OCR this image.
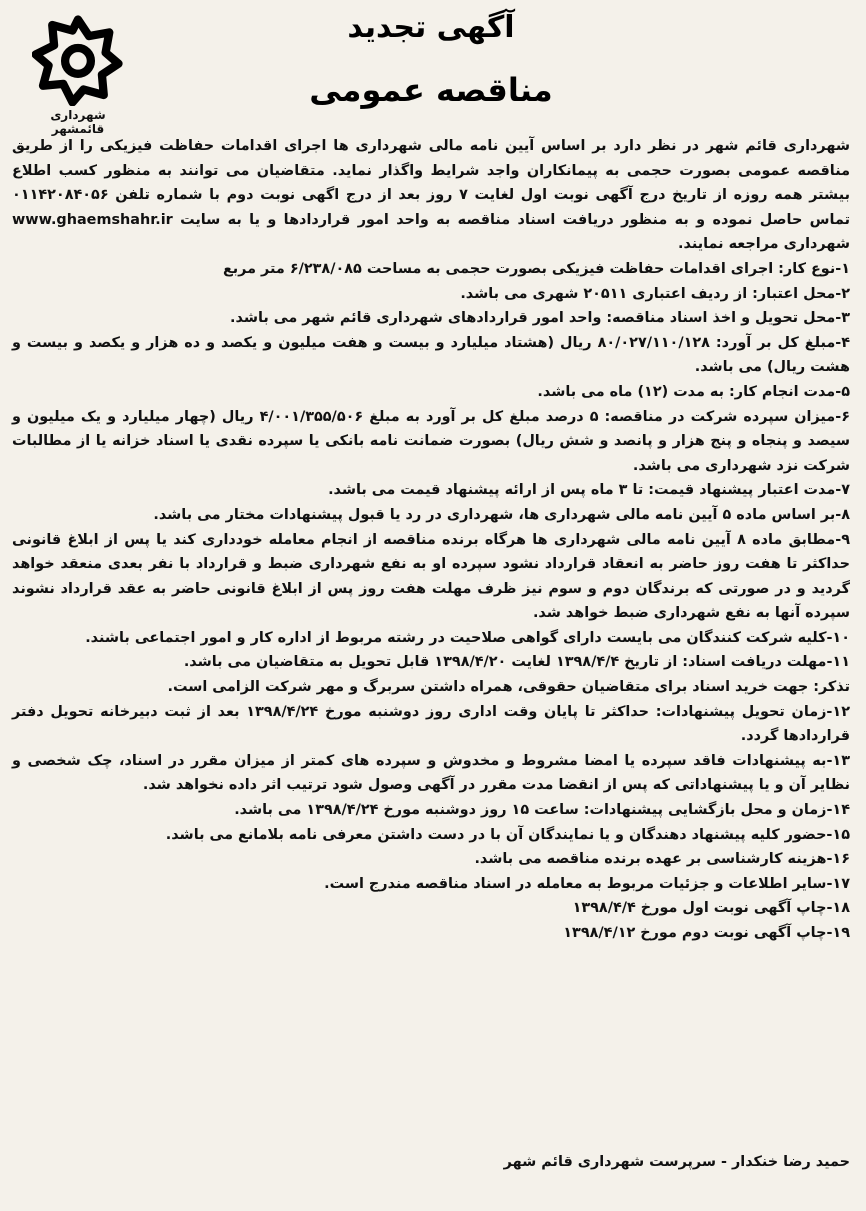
آگهی تجدید
مناقصه عمومی
شهرداری قائمشهر

شهرداری قائم شهر در نظر دارد بر اساس آیین نامه مالی شهرداری ها اجرای اقدامات حفاظت فیزیکی را از طریق مناقصه عمومی بصورت حجمی به پیمانکاران واجد شرایط واگذار نماید. متقاضیان می توانند به منظور کسب اطلاع بیشتر همه روزه از تاریخ درج آگهی نوبت اول لغایت ۷ روز بعد از درج اگهی نوبت دوم با شماره تلفن ۰۱۱۴۲۰۸۴۰۵۶ تماس حاصل نموده و به منظور دریافت اسناد مناقصه به واحد امور قراردادها و یا به سایت www.ghaemshahr.ir شهرداری مراجعه نمایند.

۱-نوع کار: اجرای اقدامات حفاظت فیزیکی بصورت حجمی به مساحت ۶/۲۳۸/۰۸۵ متر مربع

۲-محل اعتبار: از ردیف اعتباری ۲۰۵۱۱ شهری می باشد.

۳-محل تحویل و اخذ اسناد مناقصه: واحد امور قراردادهای شهرداری قائم شهر می باشد.

۴-مبلغ کل بر آورد: ۸۰/۰۲۷/۱۱۰/۱۲۸ ریال (هشتاد میلیارد و بیست و هفت میلیون و یکصد و ده هزار و یکصد و بیست و هشت ریال) می باشد.

۵-مدت انجام کار: به مدت (۱۲) ماه می باشد.

۶-میزان سپرده شرکت در مناقصه: ۵ درصد مبلغ کل بر آورد به مبلغ ۴/۰۰۱/۳۵۵/۵۰۶ ریال (چهار میلیارد و یک میلیون و سیصد و پنجاه و پنج هزار و پانصد و شش ریال) بصورت ضمانت نامه بانکی یا سپرده نقدی یا اسناد خزانه یا از مطالبات شرکت نزد شهرداری می باشد.

۷-مدت اعتبار پیشنهاد قیمت: تا ۳ ماه پس از ارائه پیشنهاد قیمت می باشد.

۸-بر اساس ماده ۵ آیین نامه مالی شهرداری ها، شهرداری در رد یا قبول پیشنهادات مختار می باشد.

۹-مطابق ماده ۸ آیین نامه مالی شهرداری ها هرگاه برنده مناقصه از انجام معامله خودداری کند یا پس از ابلاغ قانونی حداکثر تا هفت روز حاضر به انعقاد قرارداد نشود سپرده او به نفع شهرداری ضبط و قرارداد با نفر بعدی منعقد خواهد گردید و در صورتی که برندگان دوم و سوم نیز ظرف مهلت هفت روز پس از ابلاغ قانونی حاضر به عقد قرارداد نشوند سپرده آنها به نفع شهرداری ضبط خواهد شد.

۱۰-کلیه شرکت کنندگان می بایست دارای گواهی صلاحیت در رشته مربوط از اداره کار و امور اجتماعی باشند.

۱۱-مهلت دریافت اسناد: از تاریخ ۱۳۹۸/۴/۴ لغایت ۱۳۹۸/۴/۲۰ قابل تحویل به متقاضیان می باشد.

تذکر: جهت خرید اسناد برای متقاضیان حقوقی، همراه داشتن سربرگ و مهر شرکت الزامی است.

۱۲-زمان تحویل پیشنهادات: حداکثر تا پایان وقت اداری روز دوشنبه مورخ ۱۳۹۸/۴/۲۴ بعد از ثبت دبیرخانه تحویل دفتر قراردادها گردد.

۱۳-به پیشنهادات فاقد سپرده یا امضا مشروط و مخدوش و سپرده های کمتر از میزان مقرر در اسناد، چک شخصی و نظایر آن و یا پیشنهاداتی که پس از انقضا مدت مقرر در آگهی وصول شود ترتیب اثر داده نخواهد شد.

۱۴-زمان و محل بازگشایی پیشنهادات: ساعت ۱۵ روز دوشنبه مورخ ۱۳۹۸/۴/۲۴ می باشد.

۱۵-حضور کلیه پیشنهاد دهندگان و یا نمایندگان آن با در دست داشتن معرفی نامه بلامانع می باشد.

۱۶-هزینه کارشناسی بر عهده برنده مناقصه می باشد.

۱۷-سایر اطلاعات و جزئیات مربوط به معامله در اسناد مناقصه مندرج است.

۱۸-چاپ آگهی نوبت اول مورخ ۱۳۹۸/۴/۴

۱۹-چاپ آگهی نوبت دوم مورخ ۱۳۹۸/۴/۱۲

حمید رضا خنکدار - سرپرست شهرداری قائم شهر
